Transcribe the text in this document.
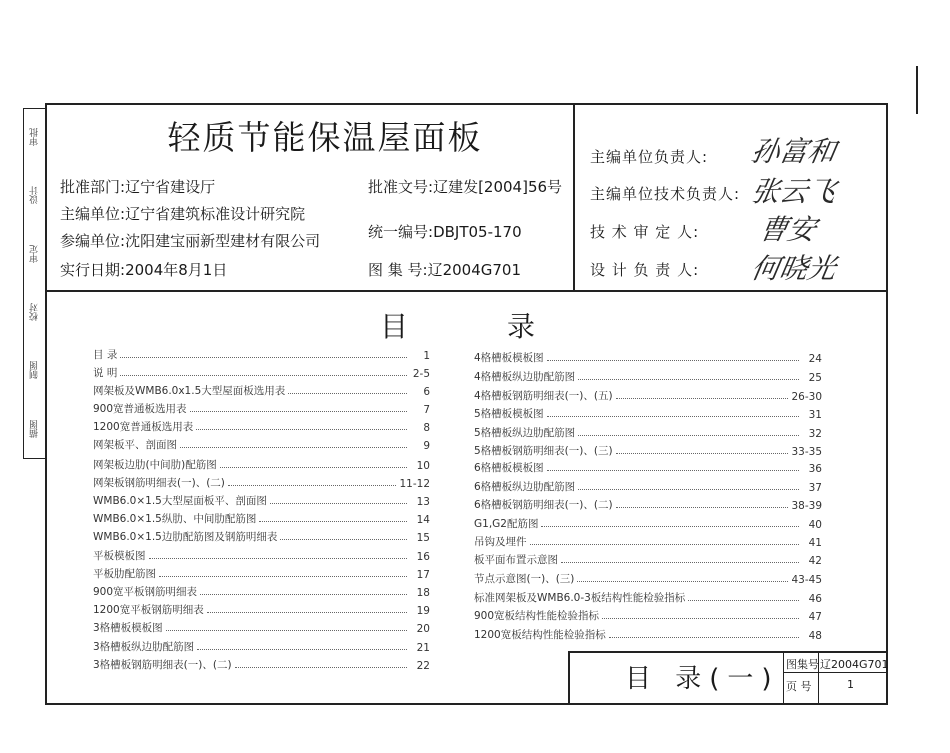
审批
设计
审定
校对
制图
描图
轻质节能保温屋面板
批准部门:辽宁省建设厅
主编单位:辽宁省建筑标准设计研究院
参编单位:沈阳建宝丽新型建材有限公司
实行日期:2004年8月1日
批准文号:辽建发[2004]56号
统一编号:DBJT05-170
图 集 号:辽2004G701
主编单位负责人: 孙富和
主编单位技术负责人: 张云飞
技 术 审 定 人: 曹安
设 计 负 责 人: 何晓光
目	录
目 录	1
说 明	2-5
网架板及WMB6.0x1.5大型屋面板选用表	6
900宽普通板选用表	7
1200宽普通板选用表	8
网架板平、剖面图	9
网架板边肋(中间肋)配筋图	10
网架板钢筋明细表(一)、(二)	11-12
WMB6.0×1.5大型屋面板平、剖面图	13
WMB6.0×1.5纵肋、中间肋配筋图	14
WMB6.0×1.5边肋配筋图及钢筋明细表	15
平板模板图	16
平板肋配筋图	17
900宽平板钢筋明细表	18
1200宽平板钢筋明细表	19
3格槽板模板图	20
3格槽板纵边肋配筋图	21
3格槽板钢筋明细表(一)、(二)	22
4格槽板模板图	24
4格槽板纵边肋配筋图	25
4格槽板钢筋明细表(一)、(五)	26-30
5格槽板模板图	31
5格槽板纵边肋配筋图	32
5格槽板钢筋明细表(一)、(三)	33-35
6格槽板模板图	36
6格槽板纵边肋配筋图	37
6格槽板钢筋明细表(一)、(二)	38-39
G1,G2配筋图	40
吊钩及埋件	41
板平面布置示意图	42
节点示意图(一)、(三)	43-45
标准网架板及WMB6.0-3板结构性能检验指标	46
900宽板结构性能检验指标	47
1200宽板结构性能检验指标	48
目 录(一) 图集号 辽2004G701
页 号	1
